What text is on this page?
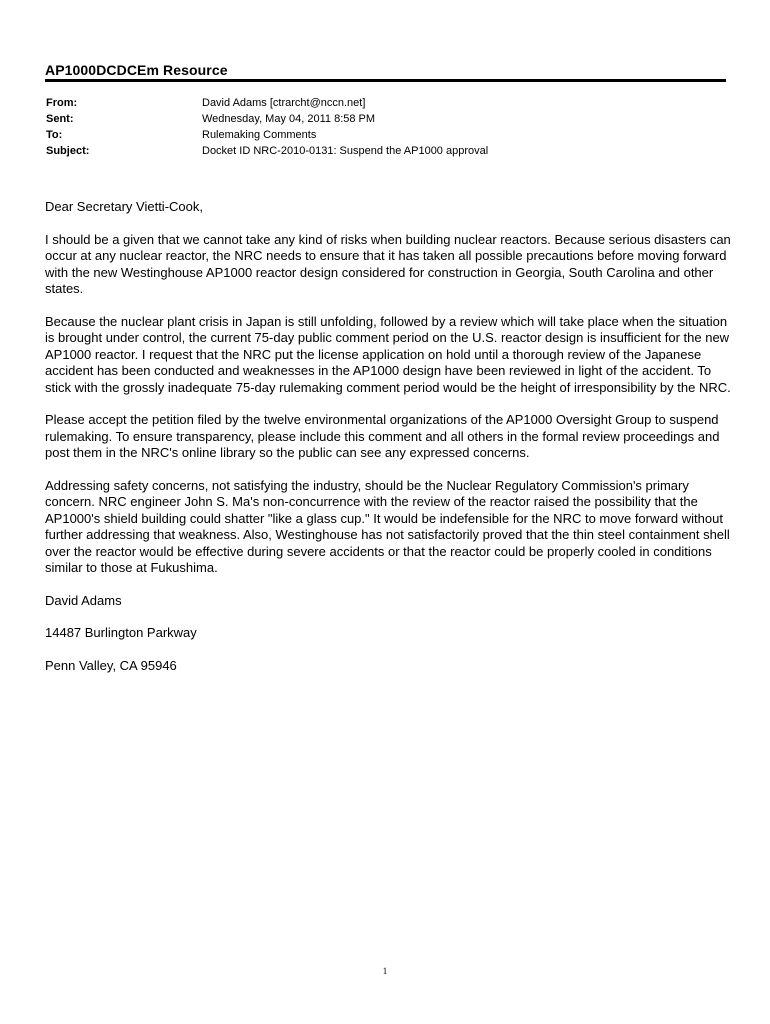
AP1000DCDCEm Resource
From:	David Adams [ctrarcht@nccn.net]
Sent:	Wednesday, May 04, 2011 8:58 PM
To:	Rulemaking Comments
Subject:	Docket ID NRC-2010-0131: Suspend the AP1000 approval

Dear Secretary Vietti-Cook,

I should be a given that we cannot take any kind of risks when building nuclear reactors. Because serious disasters can occur at any nuclear reactor, the NRC needs to ensure that it has taken all possible precautions before moving forward with the new Westinghouse AP1000 reactor design considered for construction in Georgia, South Carolina and other states.

Because the nuclear plant crisis in Japan is still unfolding, followed by a review which will take place when the situation is brought under control, the current 75-day public comment period on the U.S. reactor design is insufficient for the new AP1000 reactor. I request that the NRC put the license application on hold until a thorough review of the Japanese accident has been conducted and weaknesses in the AP1000 design have been reviewed in light of the accident. To stick with the grossly inadequate 75-day rulemaking comment period would be the height of irresponsibility by the NRC.

Please accept the petition filed by the twelve environmental organizations of the AP1000 Oversight Group to suspend rulemaking. To ensure transparency, please include this comment and all others in the formal review proceedings and post them in the NRC's online library so the public can see any expressed concerns.

Addressing safety concerns, not satisfying the industry, should be the Nuclear Regulatory Commission's primary concern. NRC engineer John S. Ma's non-concurrence with the review of the reactor raised the possibility that the AP1000's shield building could shatter "like a glass cup." It would be indefensible for the NRC to move forward without further addressing that weakness. Also, Westinghouse has not satisfactorily proved that the thin steel containment shell over the reactor would be effective during severe accidents or that the reactor could be properly cooled in conditions similar to those at Fukushima.

David Adams

14487 Burlington Parkway

Penn Valley, CA 95946

1
